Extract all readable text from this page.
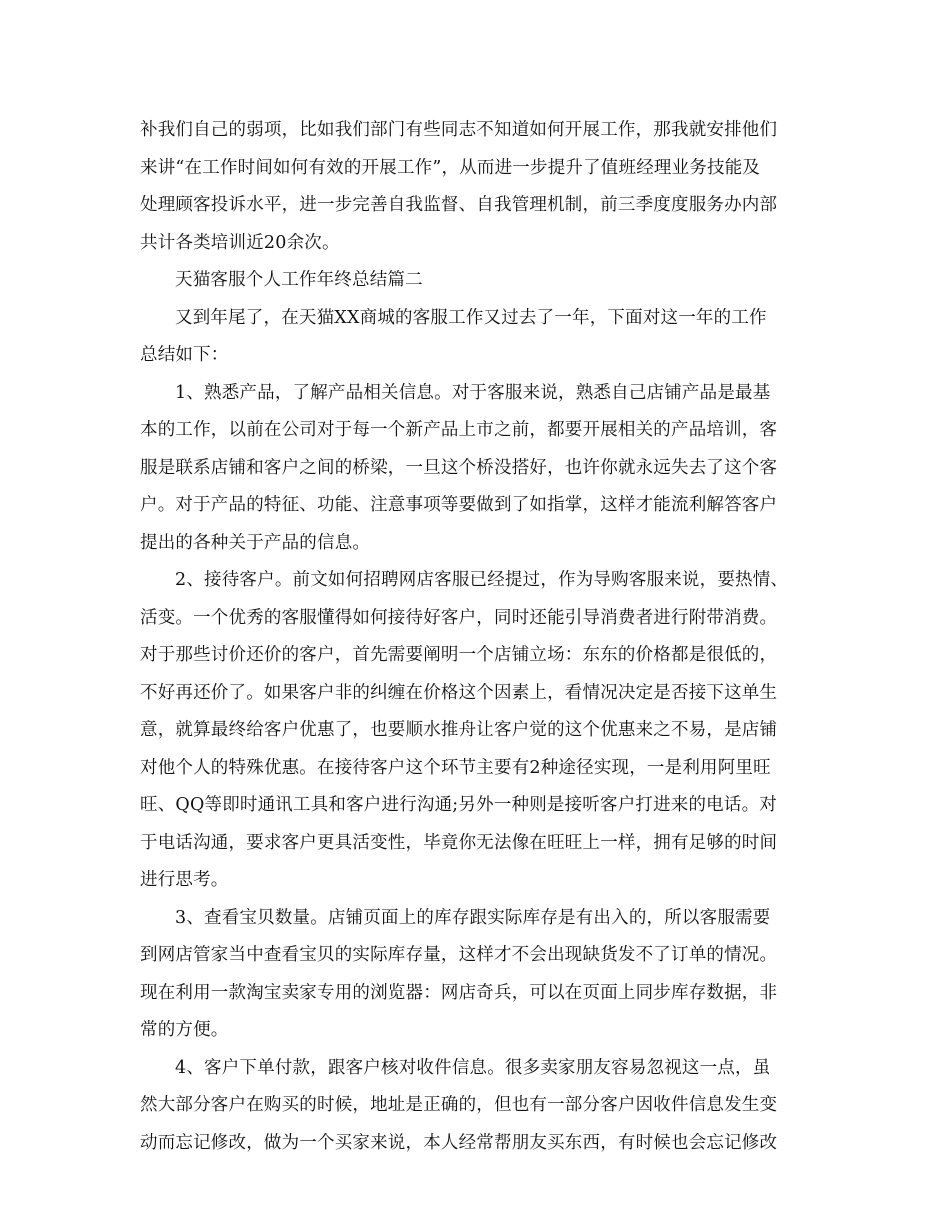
补我们自己的弱项，比如我们部门有些同志不知道如何开展工作，那我就安排他们
来讲“在工作时间如何有效的开展工作”，从而进一步提升了值班经理业务技能及
处理顾客投诉水平，进一步完善自我监督、自我管理机制，前三季度度服务办内部
共计各类培训近20余次。
天猫客服个人工作年终总结篇二
又到年尾了，在天猫XX商城的客服工作又过去了一年，下面对这一年的工作
总结如下：
1、熟悉产品，了解产品相关信息。对于客服来说，熟悉自己店铺产品是最基
本的工作，以前在公司对于每一个新产品上市之前，都要开展相关的产品培训，客
服是联系店铺和客户之间的桥梁，一旦这个桥没搭好，也许你就永远失去了这个客
户。对于产品的特征、功能、注意事项等要做到了如指掌，这样才能流利解答客户
提出的各种关于产品的信息。
2、接待客户。前文如何招聘网店客服已经提过，作为导购客服来说，要热情、
活变。一个优秀的客服懂得如何接待好客户，同时还能引导消费者进行附带消费。
对于那些讨价还价的客户，首先需要阐明一个店铺立场：东东的价格都是很低的，
不好再还价了。如果客户非的纠缠在价格这个因素上，看情况决定是否接下这单生
意，就算最终给客户优惠了，也要顺水推舟让客户觉的这个优惠来之不易，是店铺
对他个人的特殊优惠。在接待客户这个环节主要有2种途径实现，一是利用阿里旺
旺、QQ等即时通讯工具和客户进行沟通;另外一种则是接听客户打进来的电话。对
于电话沟通，要求客户更具活变性，毕竟你无法像在旺旺上一样，拥有足够的时间
进行思考。
3、查看宝贝数量。店铺页面上的库存跟实际库存是有出入的，所以客服需要
到网店管家当中查看宝贝的实际库存量，这样才不会出现缺货发不了订单的情况。
现在利用一款淘宝卖家专用的浏览器：网店奇兵，可以在页面上同步库存数据，非
常的方便。
4、客户下单付款，跟客户核对收件信息。很多卖家朋友容易忽视这一点，虽
然大部分客户在购买的时候，地址是正确的，但也有一部分客户因收件信息发生变
动而忘记修改，做为一个买家来说，本人经常帮朋友买东西，有时候也会忘记修改
